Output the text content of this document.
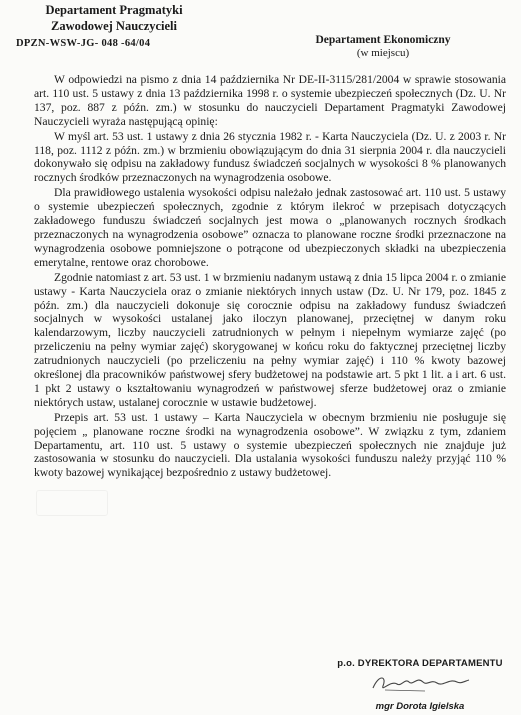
Departament Pragmatyki
Zawodowej Nauczycieli
DPZN-WSW-JG- 048 -64/04	Departament Ekonomiczny
(w miejscu)

W odpowiedzi na pismo z dnia 14 października Nr DE-II-3115/281/2004 w sprawie stosowania art. 110 ust. 5 ustawy z dnia 13 października 1998 r. o systemie ubezpieczeń społecznych (Dz. U. Nr 137, poz. 887 z późn. zm.) w stosunku do nauczycieli Departament Pragmatyki Zawodowej Nauczycieli wyraża następującą opinię:

W myśl art. 53 ust. 1 ustawy z dnia 26 stycznia 1982 r. - Karta Nauczyciela (Dz. U. z 2003 r. Nr 118, poz. 1112 z późn. zm.) w brzmieniu obowiązującym do dnia 31 sierpnia 2004 r. dla nauczycieli dokonywało się odpisu na zakładowy fundusz świadczeń socjalnych w wysokości 8 % planowanych rocznych środków przeznaczonych na wynagrodzenia osobowe.

Dla prawidłowego ustalenia wysokości odpisu należało jednak zastosować art. 110 ust. 5 ustawy o systemie ubezpieczeń społecznych, zgodnie z którym ilekroć w przepisach dotyczących zakładowego funduszu świadczeń socjalnych jest mowa o „planowanych rocznych środkach przeznaczonych na wynagrodzenia osobowe” oznacza to planowane roczne środki przeznaczone na wynagrodzenia osobowe pomniejszone o potrącone od ubezpieczonych składki na ubezpieczenia emerytalne, rentowe oraz chorobowe.

Zgodnie natomiast z art. 53 ust. 1 w brzmieniu nadanym ustawą z dnia 15 lipca 2004 r. o zmianie ustawy - Karta Nauczyciela oraz o zmianie niektórych innych ustaw (Dz. U. Nr 179, poz. 1845 z późn. zm.) dla nauczycieli dokonuje się corocznie odpisu na zakładowy fundusz świadczeń socjalnych w wysokości ustalanej jako iloczyn planowanej, przeciętnej w danym roku kalendarzowym, liczby nauczycieli zatrudnionych w pełnym i niepełnym wymiarze zajęć (po przeliczeniu na pełny wymiar zajęć) skorygowanej w końcu roku do faktycznej przeciętnej liczby zatrudnionych nauczycieli (po przeliczeniu na pełny wymiar zajęć) i 110 % kwoty bazowej określonej dla pracowników państwowej sfery budżetowej na podstawie art. 5 pkt 1 lit. a i art. 6 ust. 1 pkt 2 ustawy o kształtowaniu wynagrodzeń w państwowej sferze budżetowej oraz o zmianie niektórych ustaw, ustalanej corocznie w ustawie budżetowej.

Przepis art. 53 ust. 1 ustawy – Karta Nauczyciela w obecnym brzmieniu nie posługuje się pojęciem „ planowane roczne środki na wynagrodzenia osobowe”. W związku z tym, zdaniem Departamentu, art. 110 ust. 5 ustawy o systemie ubezpieczeń społecznych nie znajduje już zastosowania w stosunku do nauczycieli. Dla ustalania wysokości funduszu należy przyjąć 110 % kwoty bazowej wynikającej bezpośrednio z ustawy budżetowej.

p.o. DYREKTORA DEPARTAMENTU
mgr Dorota Igielska
